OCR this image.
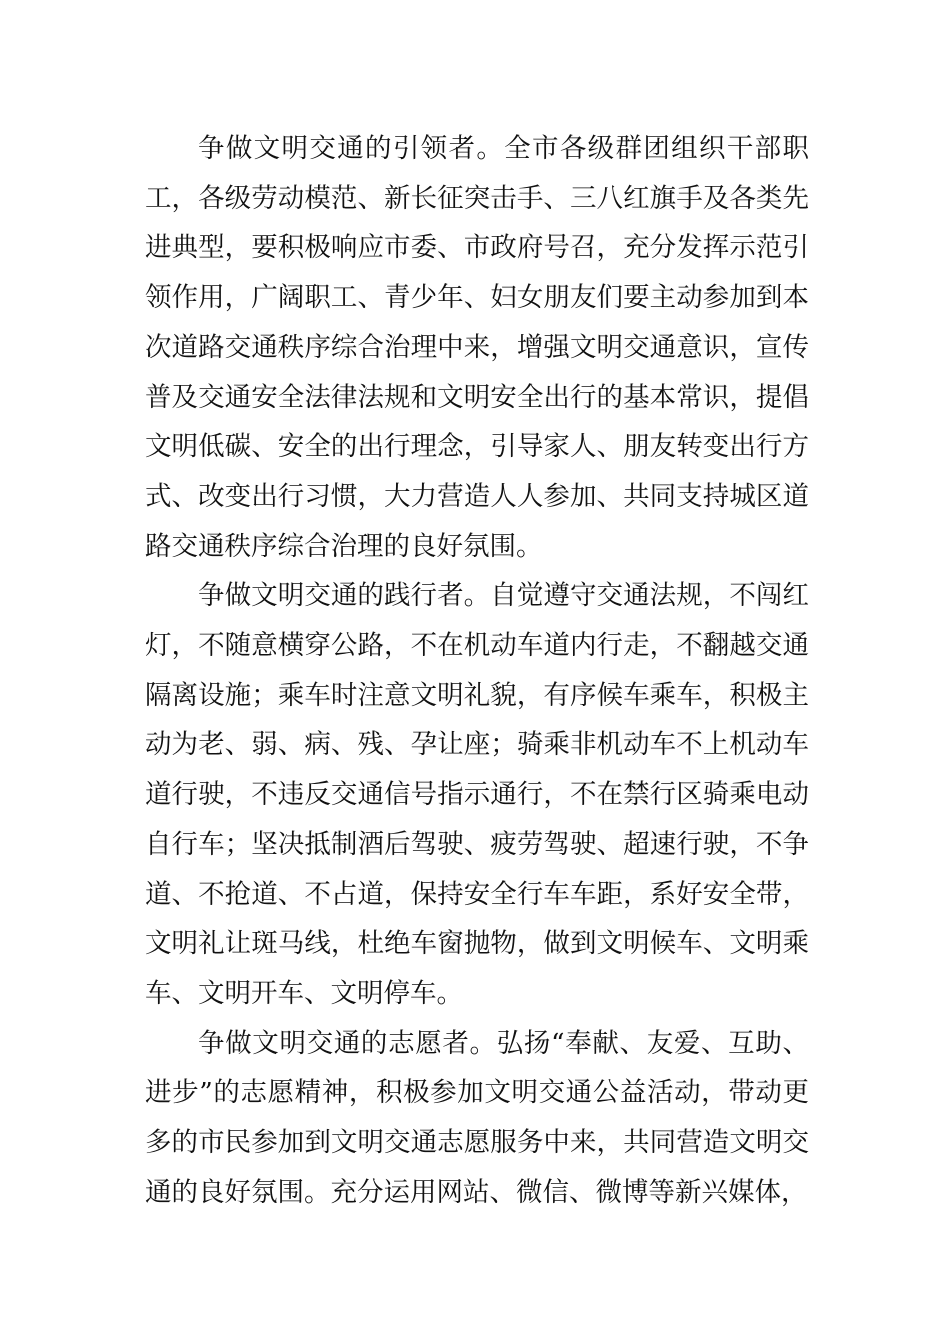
争做文明交通的引领者。全市各级群团组织干部职工，各级劳动模范、新长征突击手、三八红旗手及各类先进典型，要积极响应市委、市政府号召，充分发挥示范引领作用，广阔职工、青少年、妇女朋友们要主动参加到本次道路交通秩序综合治理中来，增强文明交通意识，宣传普及交通安全法律法规和文明安全出行的基本常识，提倡文明低碳、安全的出行理念，引导家人、朋友转变出行方式、改变出行习惯，大力营造人人参加、共同支持城区道路交通秩序综合治理的良好氛围。

争做文明交通的践行者。自觉遵守交通法规，不闯红灯，不随意横穿公路，不在机动车道内行走，不翻越交通隔离设施；乘车时注意文明礼貌，有序候车乘车，积极主动为老、弱、病、残、孕让座；骑乘非机动车不上机动车道行驶，不违反交通信号指示通行，不在禁行区骑乘电动自行车；坚决抵制酒后驾驶、疲劳驾驶、超速行驶，不争道、不抢道、不占道，保持安全行车车距，系好安全带，文明礼让斑马线，杜绝车窗抛物，做到文明候车、文明乘车、文明开车、文明停车。

争做文明交通的志愿者。弘扬“奉献、友爱、互助、进步”的志愿精神，积极参加文明交通公益活动，带动更多的市民参加到文明交通志愿服务中来，共同营造文明交通的良好氛围。充分运用网站、微信、微博等新兴媒体，
